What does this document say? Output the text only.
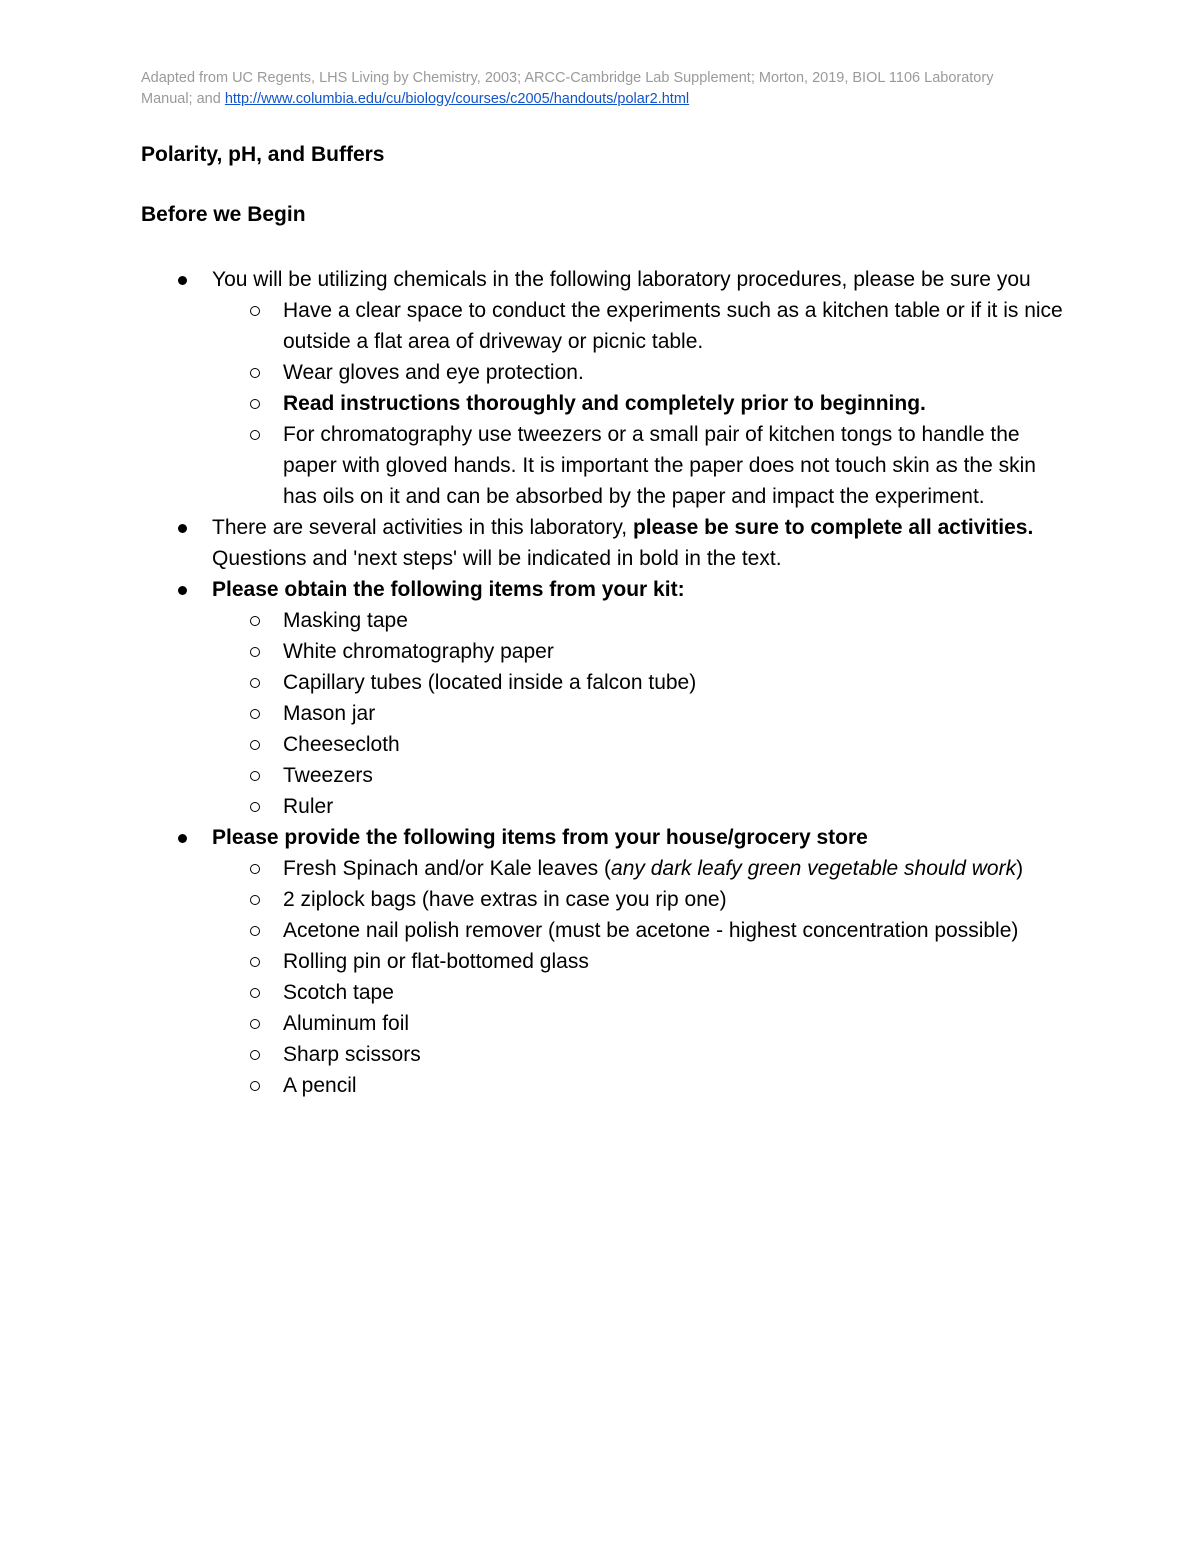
Adapted from UC Regents, LHS Living by Chemistry, 2003; ARCC-Cambridge Lab Supplement; Morton, 2019, BIOL 1106 Laboratory Manual; and http://www.columbia.edu/cu/biology/courses/c2005/handouts/polar2.html
Polarity, pH, and Buffers
Before we Begin
You will be utilizing chemicals in the following laboratory procedures, please be sure you
Have a clear space to conduct the experiments such as a kitchen table or if it is nice outside a flat area of driveway or picnic table.
Wear gloves and eye protection.
Read instructions thoroughly and completely prior to beginning.
For chromatography use tweezers or a small pair of kitchen tongs to handle the paper with gloved hands. It is important the paper does not touch skin as the skin has oils on it and can be absorbed by the paper and impact the experiment.
There are several activities in this laboratory, please be sure to complete all activities. Questions and 'next steps' will be indicated in bold in the text.
Please obtain the following items from your kit:
Masking tape
White chromatography paper
Capillary tubes (located inside a falcon tube)
Mason jar
Cheesecloth
Tweezers
Ruler
Please provide the following items from your house/grocery store
Fresh Spinach and/or Kale leaves (any dark leafy green vegetable should work)
2 ziplock bags (have extras in case you rip one)
Acetone nail polish remover (must be acetone - highest concentration possible)
Rolling pin or flat-bottomed glass
Scotch tape
Aluminum foil
Sharp scissors
A pencil
